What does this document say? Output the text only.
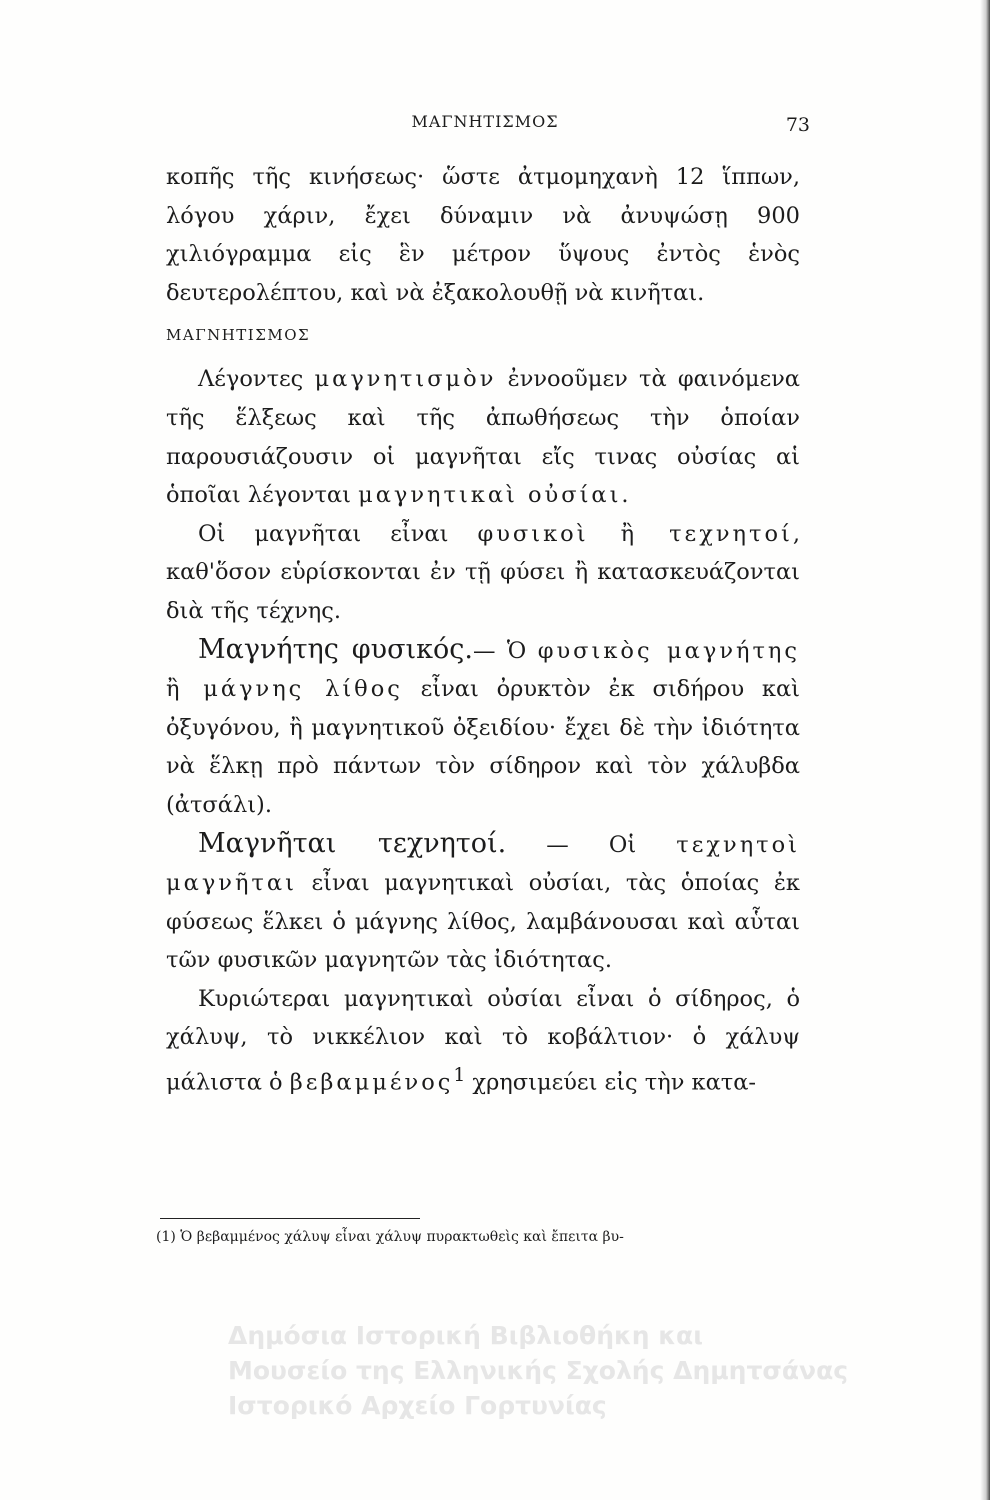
ΜΑΓΝΗΤΙΣΜΟΣ	73

κοπῆς τῆς κινήσεως· ὥστε ἀτμομηχανὴ 12 ἵππων, λόγου χάριν, ἔχει δύναμιν νὰ ἀνυψώσῃ 900 χιλιόγραμμα εἰς ἓν μέτρον ὕψους ἐντὸς ἑνὸς δευτερολέπτου, καὶ νὰ ἐξακολουθῇ νὰ κινῆται.

ΜΑΓΝΗΤΙΣΜΟΣ

Λέγοντες μαγνητισμὸν ἐννοοῦμεν τὰ φαινόμενα τῆς ἕλξεως καὶ τῆς ἀπωθήσεως τὴν ὁποίαν παρουσιάζουσιν οἱ μαγνῆται εἴς τινας οὐσίας αἱ ὁποῖαι λέγονται μαγνητικαὶ οὐσίαι.

Οἱ μαγνῆται εἶναι φυσικοὶ ἢ τεχνητοί, καθ'ὅσον εὑρίσκονται ἐν τῇ φύσει ἢ κατασκευάζονται διὰ τῆς τέχνης.

Μαγνήτης φυσικός.— Ὁ φυσικὸς μαγνήτης ἢ μάγνης λίθος εἶναι ὀρυκτὸν ἐκ σιδήρου καὶ ὀξυγόνου, ἢ μαγνητικοῦ ὀξειδίου· ἔχει δὲ τὴν ἰδιότητα νὰ ἕλκῃ πρὸ πάντων τὸν σίδηρον καὶ τὸν χάλυβδα (ἀτσάλι).

Μαγνῆται τεχνητοί. — Οἱ τεχνητοὶ μαγνῆται εἶναι μαγνητικαὶ οὐσίαι, τὰς ὁποίας ἐκ φύσεως ἕλκει ὁ μάγνης λίθος, λαμβάνουσαι καὶ αὗται τῶν φυσικῶν μαγνητῶν τὰς ἰδιότητας.

Κυριώτεραι μαγνητικαὶ οὐσίαι εἶναι ὁ σίδηρος, ὁ χάλυψ, τὸ νικκέλιον καὶ τὸ κοβάλτιον· ὁ χάλυψ μάλιστα ὁ βεβαμμένος$^1$ χρησιμεύει εἰς τὴν κατα-

(1) Ὁ βεβαμμένος χάλυψ εἶναι χάλυψ πυρακτωθεὶς καὶ ἔπειτα βυ-
Δημόσια Ιστορική Βιβλιοθήκη και
Μουσείο της Ελληνικής Σχολής Δημητσάνας
Ιστορικό Αρχείο Γορτυνίας
